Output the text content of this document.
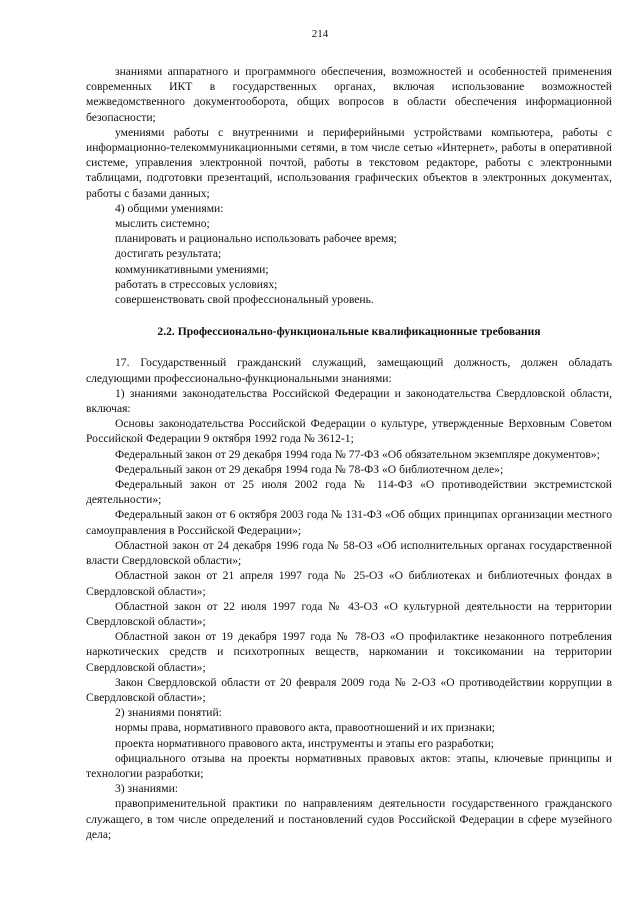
214

знаниями аппаратного и программного обеспечения, возможностей и особенностей применения современных ИКТ в государственных органах, включая использование возможностей межведомственного документооборота, общих вопросов в области обеспечения информационной безопасности;

умениями работы с внутренними и периферийными устройствами компьютера, работы с информационно-телекоммуникационными сетями, в том числе сетью «Интернет», работы в оперативной системе, управления электронной почтой, работы в текстовом редакторе, работы с электронными таблицами, подготовки презентаций, использования графических объектов в электронных документах, работы с базами данных;

4) общими умениями:

мыслить системно;

планировать и рационально использовать рабочее время;

достигать результата;

коммуникативными умениями;

работать в стрессовых условиях;

совершенствовать свой профессиональный уровень.

2.2. Профессионально-функциональные квалификационные требования

17. Государственный гражданский служащий, замещающий должность, должен обладать следующими профессионально-функциональными знаниями:

1) знаниями законодательства Российской Федерации и законодательства Свердловской области, включая:

Основы законодательства Российской Федерации о культуре, утвержденные Верховным Советом Российской Федерации 9 октября 1992 года № 3612-1;

Федеральный закон от 29 декабря 1994 года № 77-ФЗ «Об обязательном экземпляре документов»;

Федеральный закон от 29 декабря 1994 года № 78-ФЗ «О библиотечном деле»;

Федеральный закон от 25 июля 2002 года № 114-ФЗ «О противодействии экстремистской деятельности»;

Федеральный закон от 6 октября 2003 года № 131-ФЗ «Об общих принципах организации местного самоуправления в Российской Федерации»;

Областной закон от 24 декабря 1996 года № 58-ОЗ «Об исполнительных органах государственной власти Свердловской области»;

Областной закон от 21 апреля 1997 года № 25-ОЗ «О библиотеках и библиотечных фондах в Свердловской области»;

Областной закон от 22 июля 1997 года № 43-ОЗ «О культурной деятельности на территории Свердловской области»;

Областной закон от 19 декабря 1997 года № 78-ОЗ «О профилактике незаконного потребления наркотических средств и психотропных веществ, наркомании и токсикомании на территории Свердловской области»;

Закон Свердловской области от 20 февраля 2009 года № 2-ОЗ «О противодействии коррупции в Свердловской области»;

2) знаниями понятий:

нормы права, нормативного правового акта, правоотношений и их признаки;

проекта нормативного правового акта, инструменты и этапы его разработки;

официального отзыва на проекты нормативных правовых актов: этапы, ключевые принципы и технологии разработки;

3) знаниями:

правоприменительной практики по направлениям деятельности государственного гражданского служащего, в том числе определений и постановлений судов Российской Федерации в сфере музейного дела;
